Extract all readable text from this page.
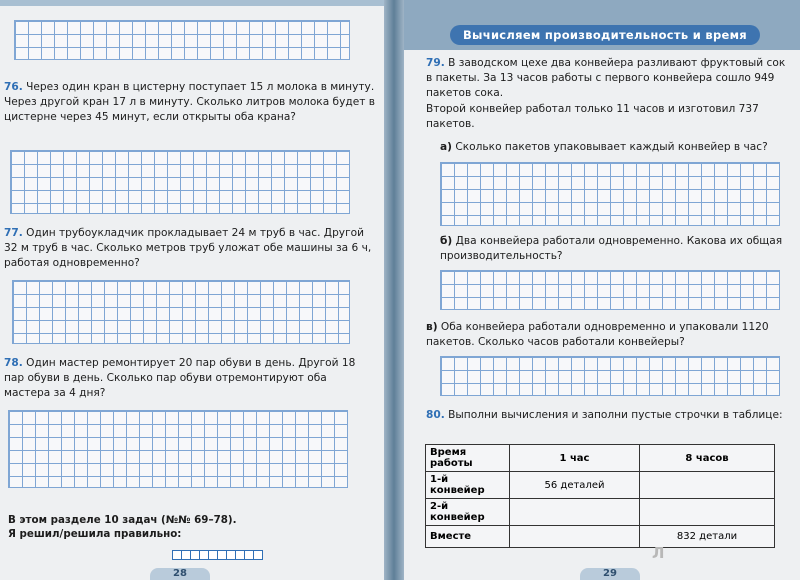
76. Через один кран в цистерну поступает 15 л молока в минуту. Через другой кран 17 л в минуту. Сколько литров молока будет в цистерне через 45 минут, если открыты оба крана?
77. Один трубоукладчик прокладывает 24 м труб в час. Другой 32 м труб в час. Сколько метров труб уложат обе машины за 6 ч, работая одновременно?
78. Один мастер ремонтирует 20 пар обуви в день. Другой 18 пар обуви в день. Сколько пар обуви отремонтируют оба мастера за 4 дня?
В этом разделе 10 задач (№№ 69–78).
Я решил/решила правильно:
28
Вычисляем производительность и время
79. В заводском цехе два конвейера разливают фруктовый сок в пакеты. За 13 часов работы с первого конвейера сошло 949 пакетов сока.
Второй конвейер работал только 11 часов и изготовил 737 пакетов.
а) Сколько пакетов упаковывает каждый конвейер в час?
б) Два конвейера работали одновременно. Какова их общая производительность?
в) Оба конвейера работали одновременно и упаковали 1120 пакетов. Сколько часов работали конвейеры?
80. Выполни вычисления и заполни пустые строчки в таблице:
Время работы	1 час	8 часов
1-й конвейер	56 деталей	
2-й конвейер		
Вместе		832 детали
29
Л
